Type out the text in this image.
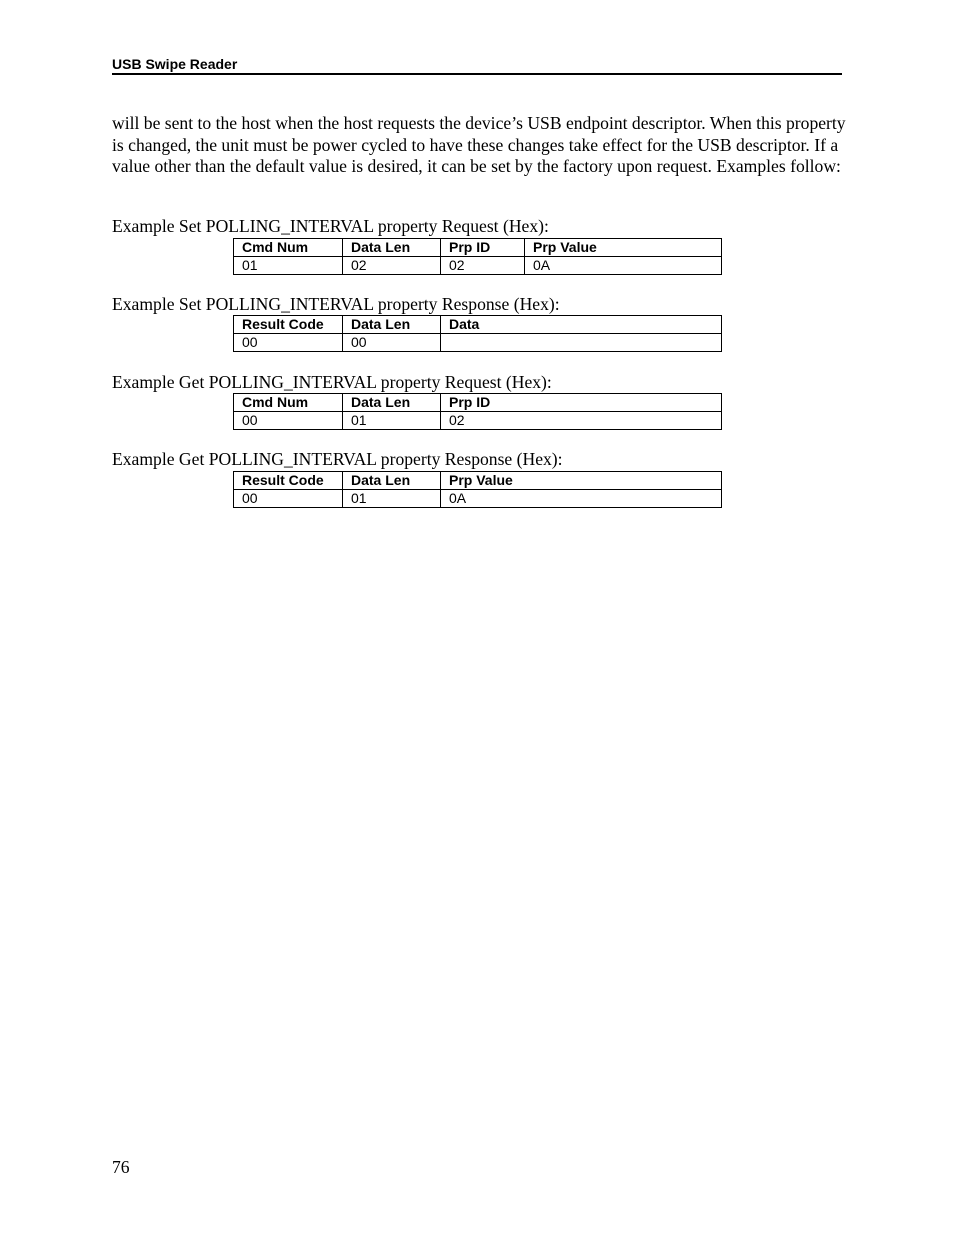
USB Swipe Reader

will be sent to the host when the host requests the device’s USB endpoint descriptor. When this property is changed, the unit must be power cycled to have these changes take effect for the USB descriptor. If a value other than the default value is desired, it can be set by the factory upon request. Examples follow:

Example Set POLLING_INTERVAL property Request (Hex):

Cmd Num	Data Len	Prp ID	Prp Value
01	02	02	0A

Example Set POLLING_INTERVAL property Response (Hex):

Result Code	Data Len	Data
00	00	

Example Get POLLING_INTERVAL property Request (Hex):

Cmd Num	Data Len	Prp ID
00	01	02

Example Get POLLING_INTERVAL property Response (Hex):

Result Code	Data Len	Prp Value
00	01	0A
76
